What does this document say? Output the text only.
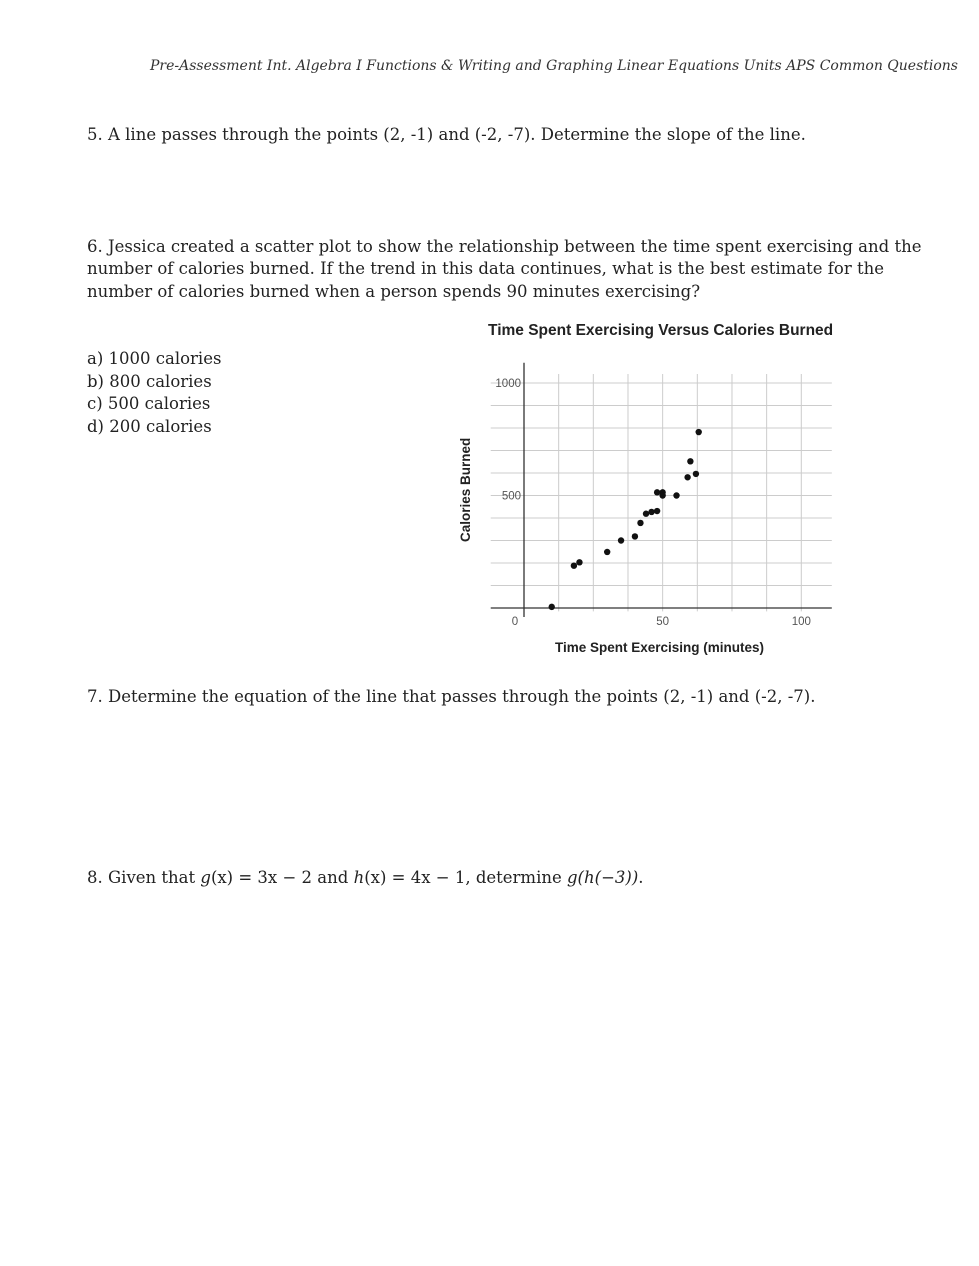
Pre-Assessment Int. Algebra I Functions & Writing and Graphing Linear Equations Units APS Common Questions
5. A line passes through the points (2, -1) and (-2, -7). Determine the slope of the line.
6. Jessica created a scatter plot to show the relationship between the time spent exercising and the
number of calories burned. If the trend in this data continues, what is the best estimate for the
number of calories burned when a person spends 90 minutes exercising?
a) 1000 calories
b) 800 calories
c) 500 calories
d) 200 calories
Time Spent Exercising Versus Calories Burned
0	50	100
500
1000
Time Spent Exercising (minutes)
Calories Burned
7. Determine the equation of the line that passes through the points (2, -1) and (-2, -7).
8. Given that g(x) = 3x − 2 and h(x) = 4x − 1, determine g(h(−3)).
